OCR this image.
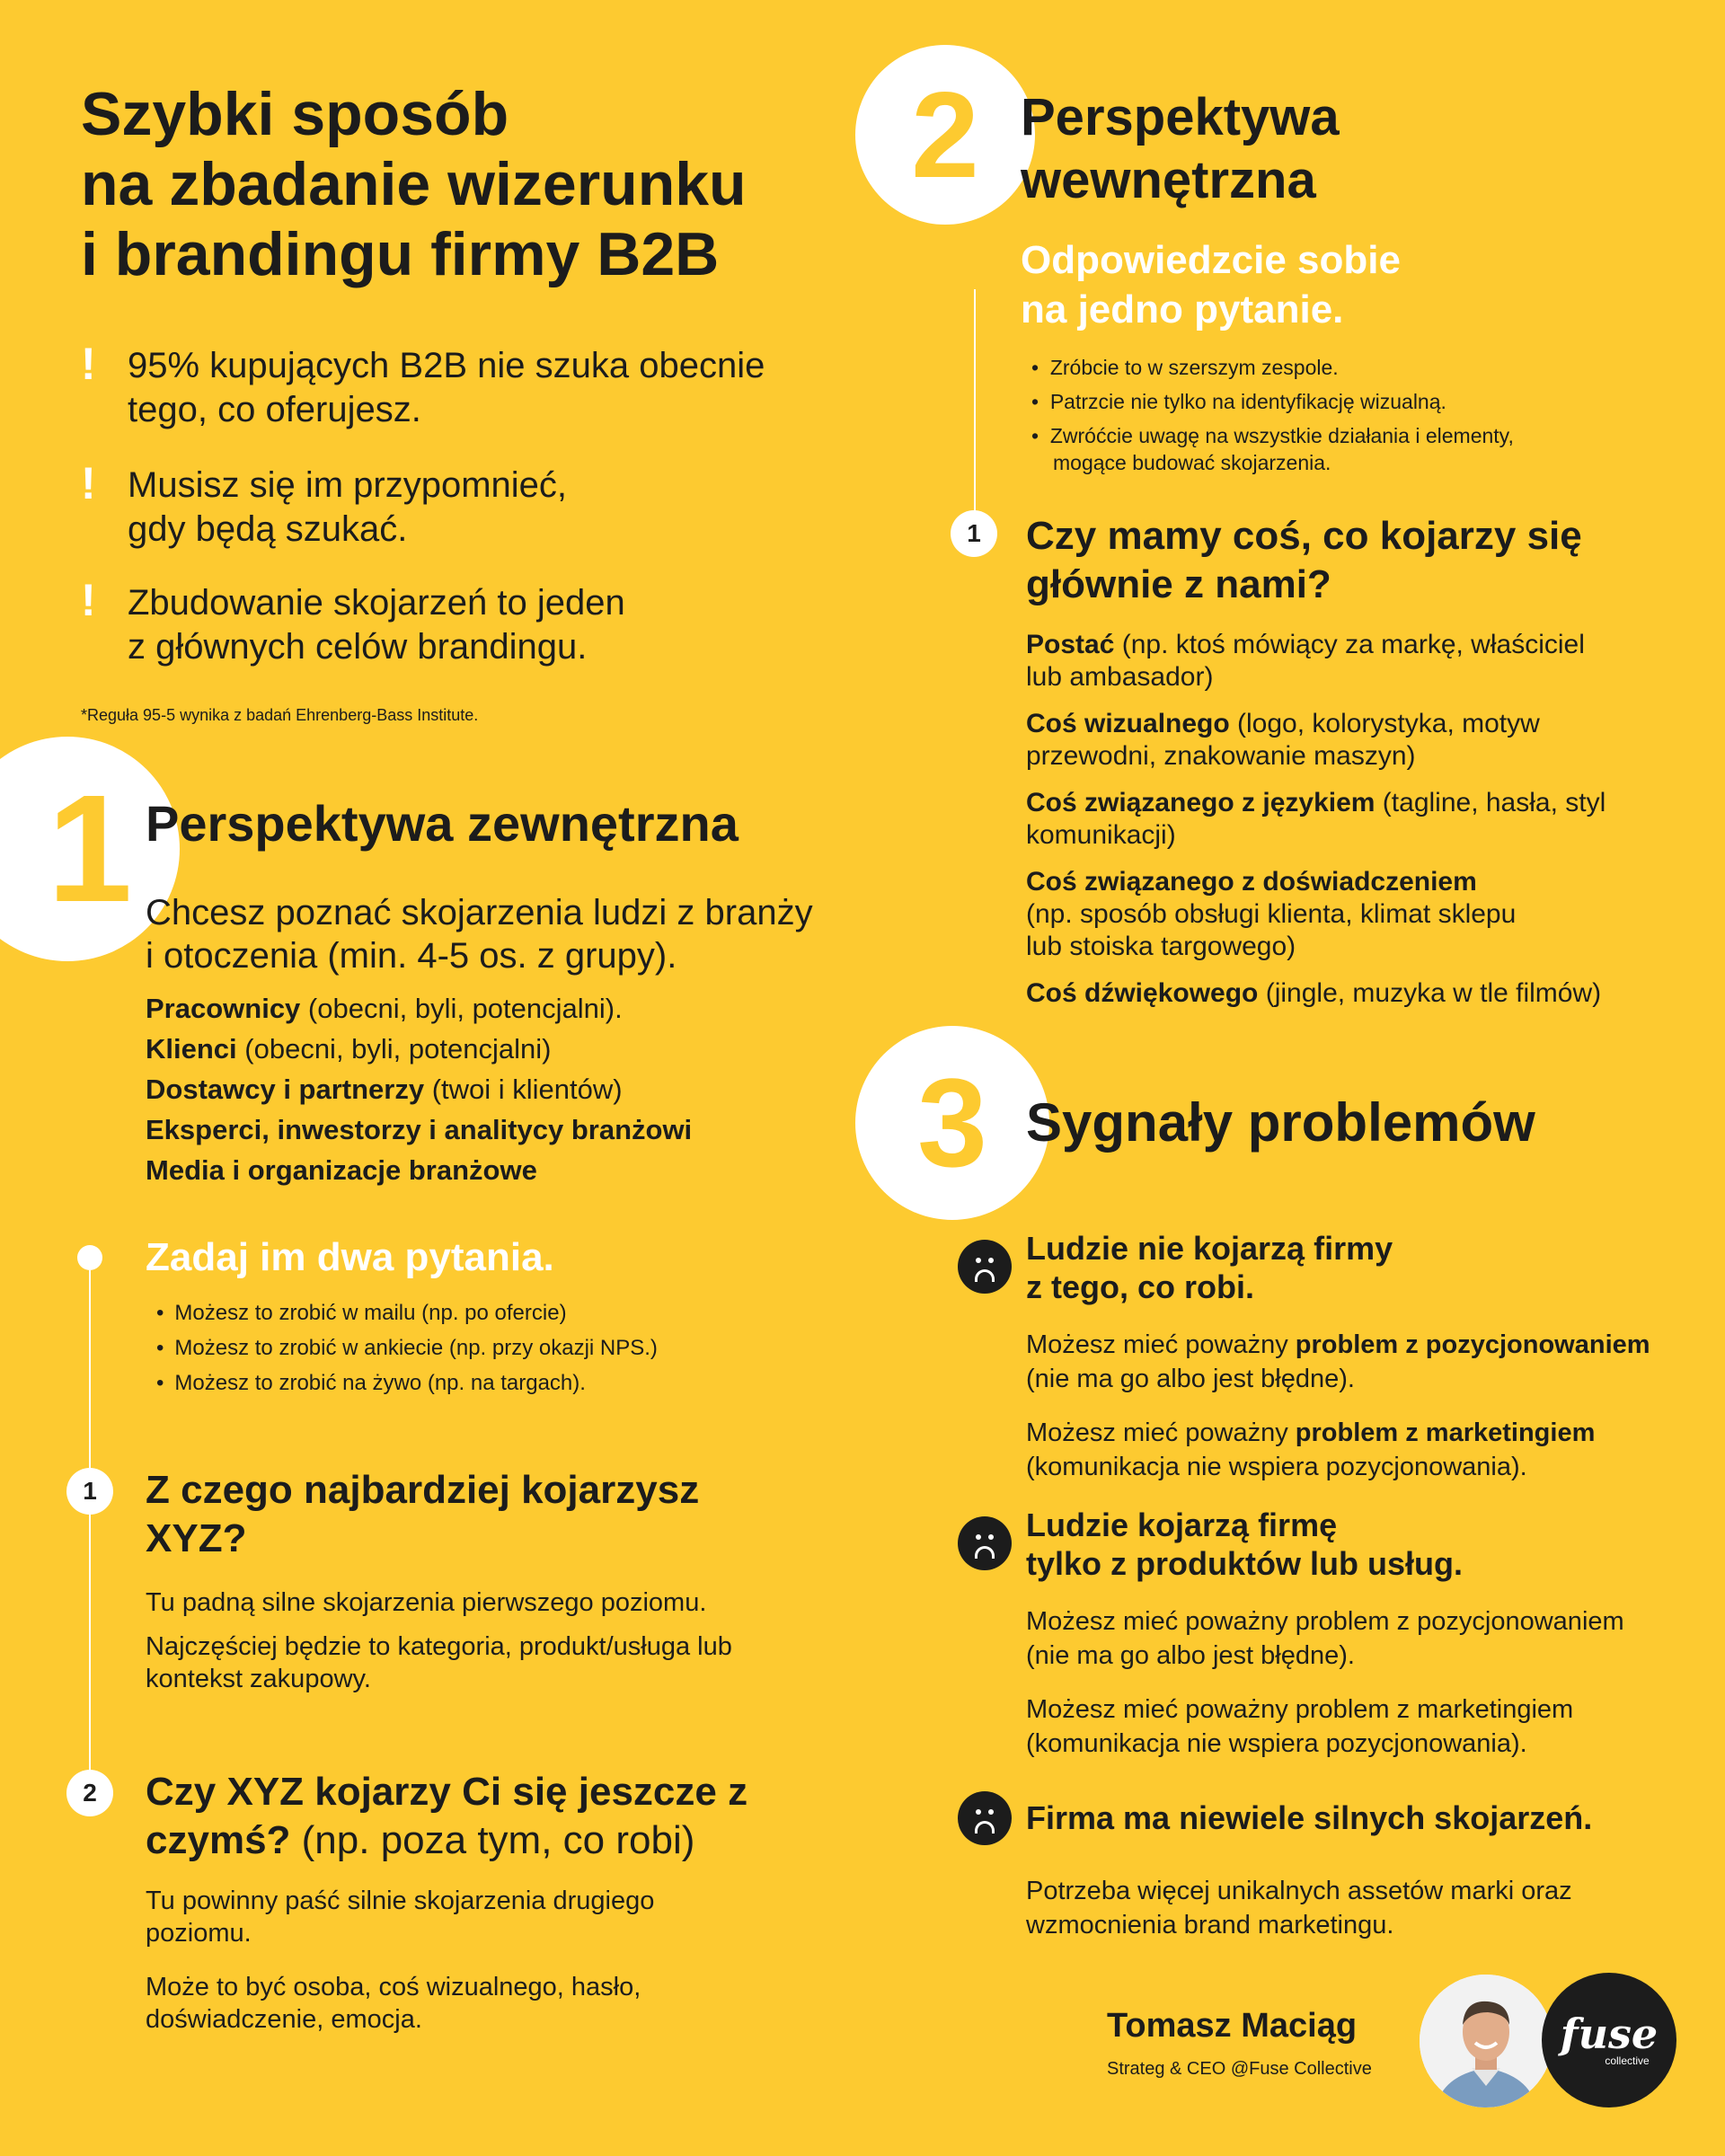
Szybki sposób
na zbadanie wizerunku
i brandingu firmy B2B
! 95% kupujących B2B nie szuka obecnie
tego, co oferujesz.
! Musisz się im przypomnieć,
gdy będą szukać.
! Zbudowanie skojarzeń to jeden
z głównych celów brandingu.
*Reguła 95-5 wynika z badań Ehrenberg-Bass Institute.
1 Perspektywa zewnętrzna
Chcesz poznać skojarzenia ludzi z branży
i otoczenia (min. 4-5 os. z grupy).
Pracownicy (obecni, byli, potencjalni).
Klienci (obecni, byli, potencjalni)
Dostawcy i partnerzy (twoi i klientów)
Eksperci, inwestorzy i analitycy branżowi
Media i organizacje branżowe
Zadaj im dwa pytania.
• Możesz to zrobić w mailu (np. po ofercie)
• Możesz to zrobić w ankiecie (np. przy okazji NPS.)
• Możesz to zrobić na żywo (np. na targach).
1	Z czego najbardziej kojarzysz
XYZ?
Tu padną silne skojarzenia pierwszego poziomu.
Najczęściej będzie to kategoria, produkt/usługa lub
kontekst zakupowy.
2	Czy XYZ kojarzy Ci się jeszcze z
czymś? (np. poza tym, co robi)
Tu powinny paść silnie skojarzenia drugiego
poziomu.
Może to być osoba, coś wizualnego, hasło,
doświadczenie, emocja.
2 Perspektywa
wewnętrzna
Odpowiedzcie sobie
na jedno pytanie.
•  Zróbcie to w szerszym zespole.
•  Patrzcie nie tylko na identyfikację wizualną.
•  Zwróćcie uwagę na wszystkie działania i elementy,
mogące budować skojarzenia.
1	Czy mamy coś, co kojarzy się
głównie z nami?
Postać (np. ktoś mówiący za markę, właściciel
lub ambasador)
Coś wizualnego (logo, kolorystyka, motyw
przewodni, znakowanie maszyn)
Coś związanego z językiem (tagline, hasła, styl
komunikacji)
Coś związanego z doświadczeniem
(np. sposób obsługi klienta, klimat sklepu
lub stoiska targowego)
Coś dźwiękowego (jingle, muzyka w tle filmów)
3 Sygnały problemów
Ludzie nie kojarzą firmy
z tego, co robi.
Możesz mieć poważny problem z pozycjonowaniem
(nie ma go albo jest błędne).
Możesz mieć poważny problem z marketingiem
(komunikacja nie wspiera pozycjonowania).
Ludzie kojarzą firmę
tylko z produktów lub usług.
Możesz mieć poważny problem z pozycjonowaniem
(nie ma go albo jest błędne).
Możesz mieć poważny problem z marketingiem
(komunikacja nie wspiera pozycjonowania).
Firma ma niewiele silnych skojarzeń.
Potrzeba więcej unikalnych assetów marki oraz
wzmocnienia brand marketingu.
Tomasz Maciąg
Strateg & CEO @Fuse Collective
fuse
collective
